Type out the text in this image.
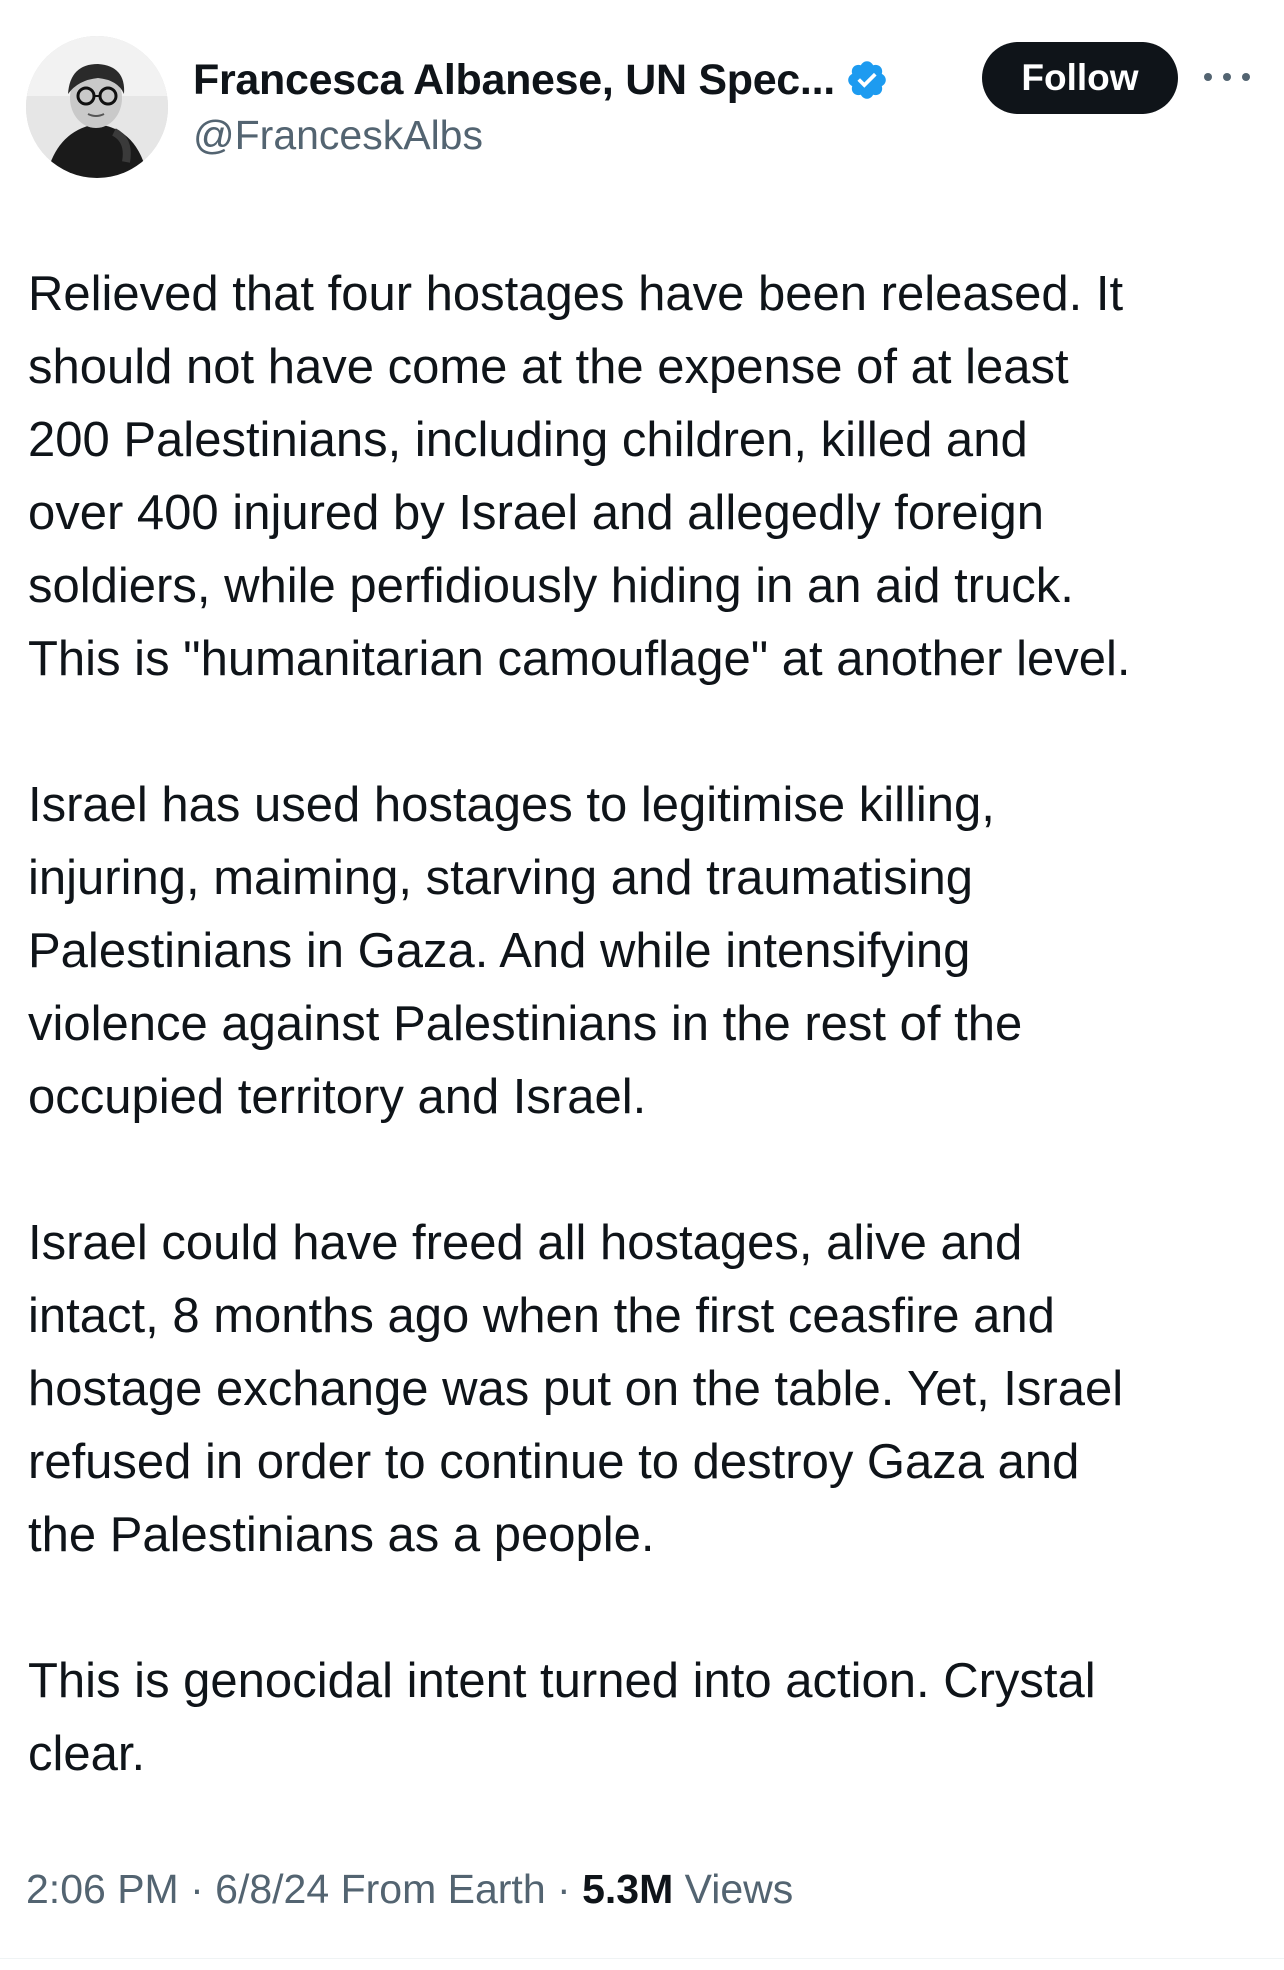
Francesca Albanese, UN Spec...
@FranceskAlbs
Follow

Relieved that four hostages have been released. It
should not have come at the expense of at least
200 Palestinians, including children, killed and
over 400 injured by Israel and allegedly foreign
soldiers, while perfidiously hiding in an aid truck.
This is "humanitarian camouflage" at another level.

Israel has used hostages to legitimise killing,
injuring, maiming, starving and traumatising
Palestinians in Gaza. And while intensifying
violence against Palestinians in the rest of the
occupied territory and Israel.

Israel could have freed all hostages, alive and
intact, 8 months ago when the first ceasfire and
hostage exchange was put on the table. Yet, Israel
refused in order to continue to destroy Gaza and
the Palestinians as a people.

This is genocidal intent turned into action. Crystal
clear.

2:06 PM · 6/8/24
From Earth · 5.3M
Views
